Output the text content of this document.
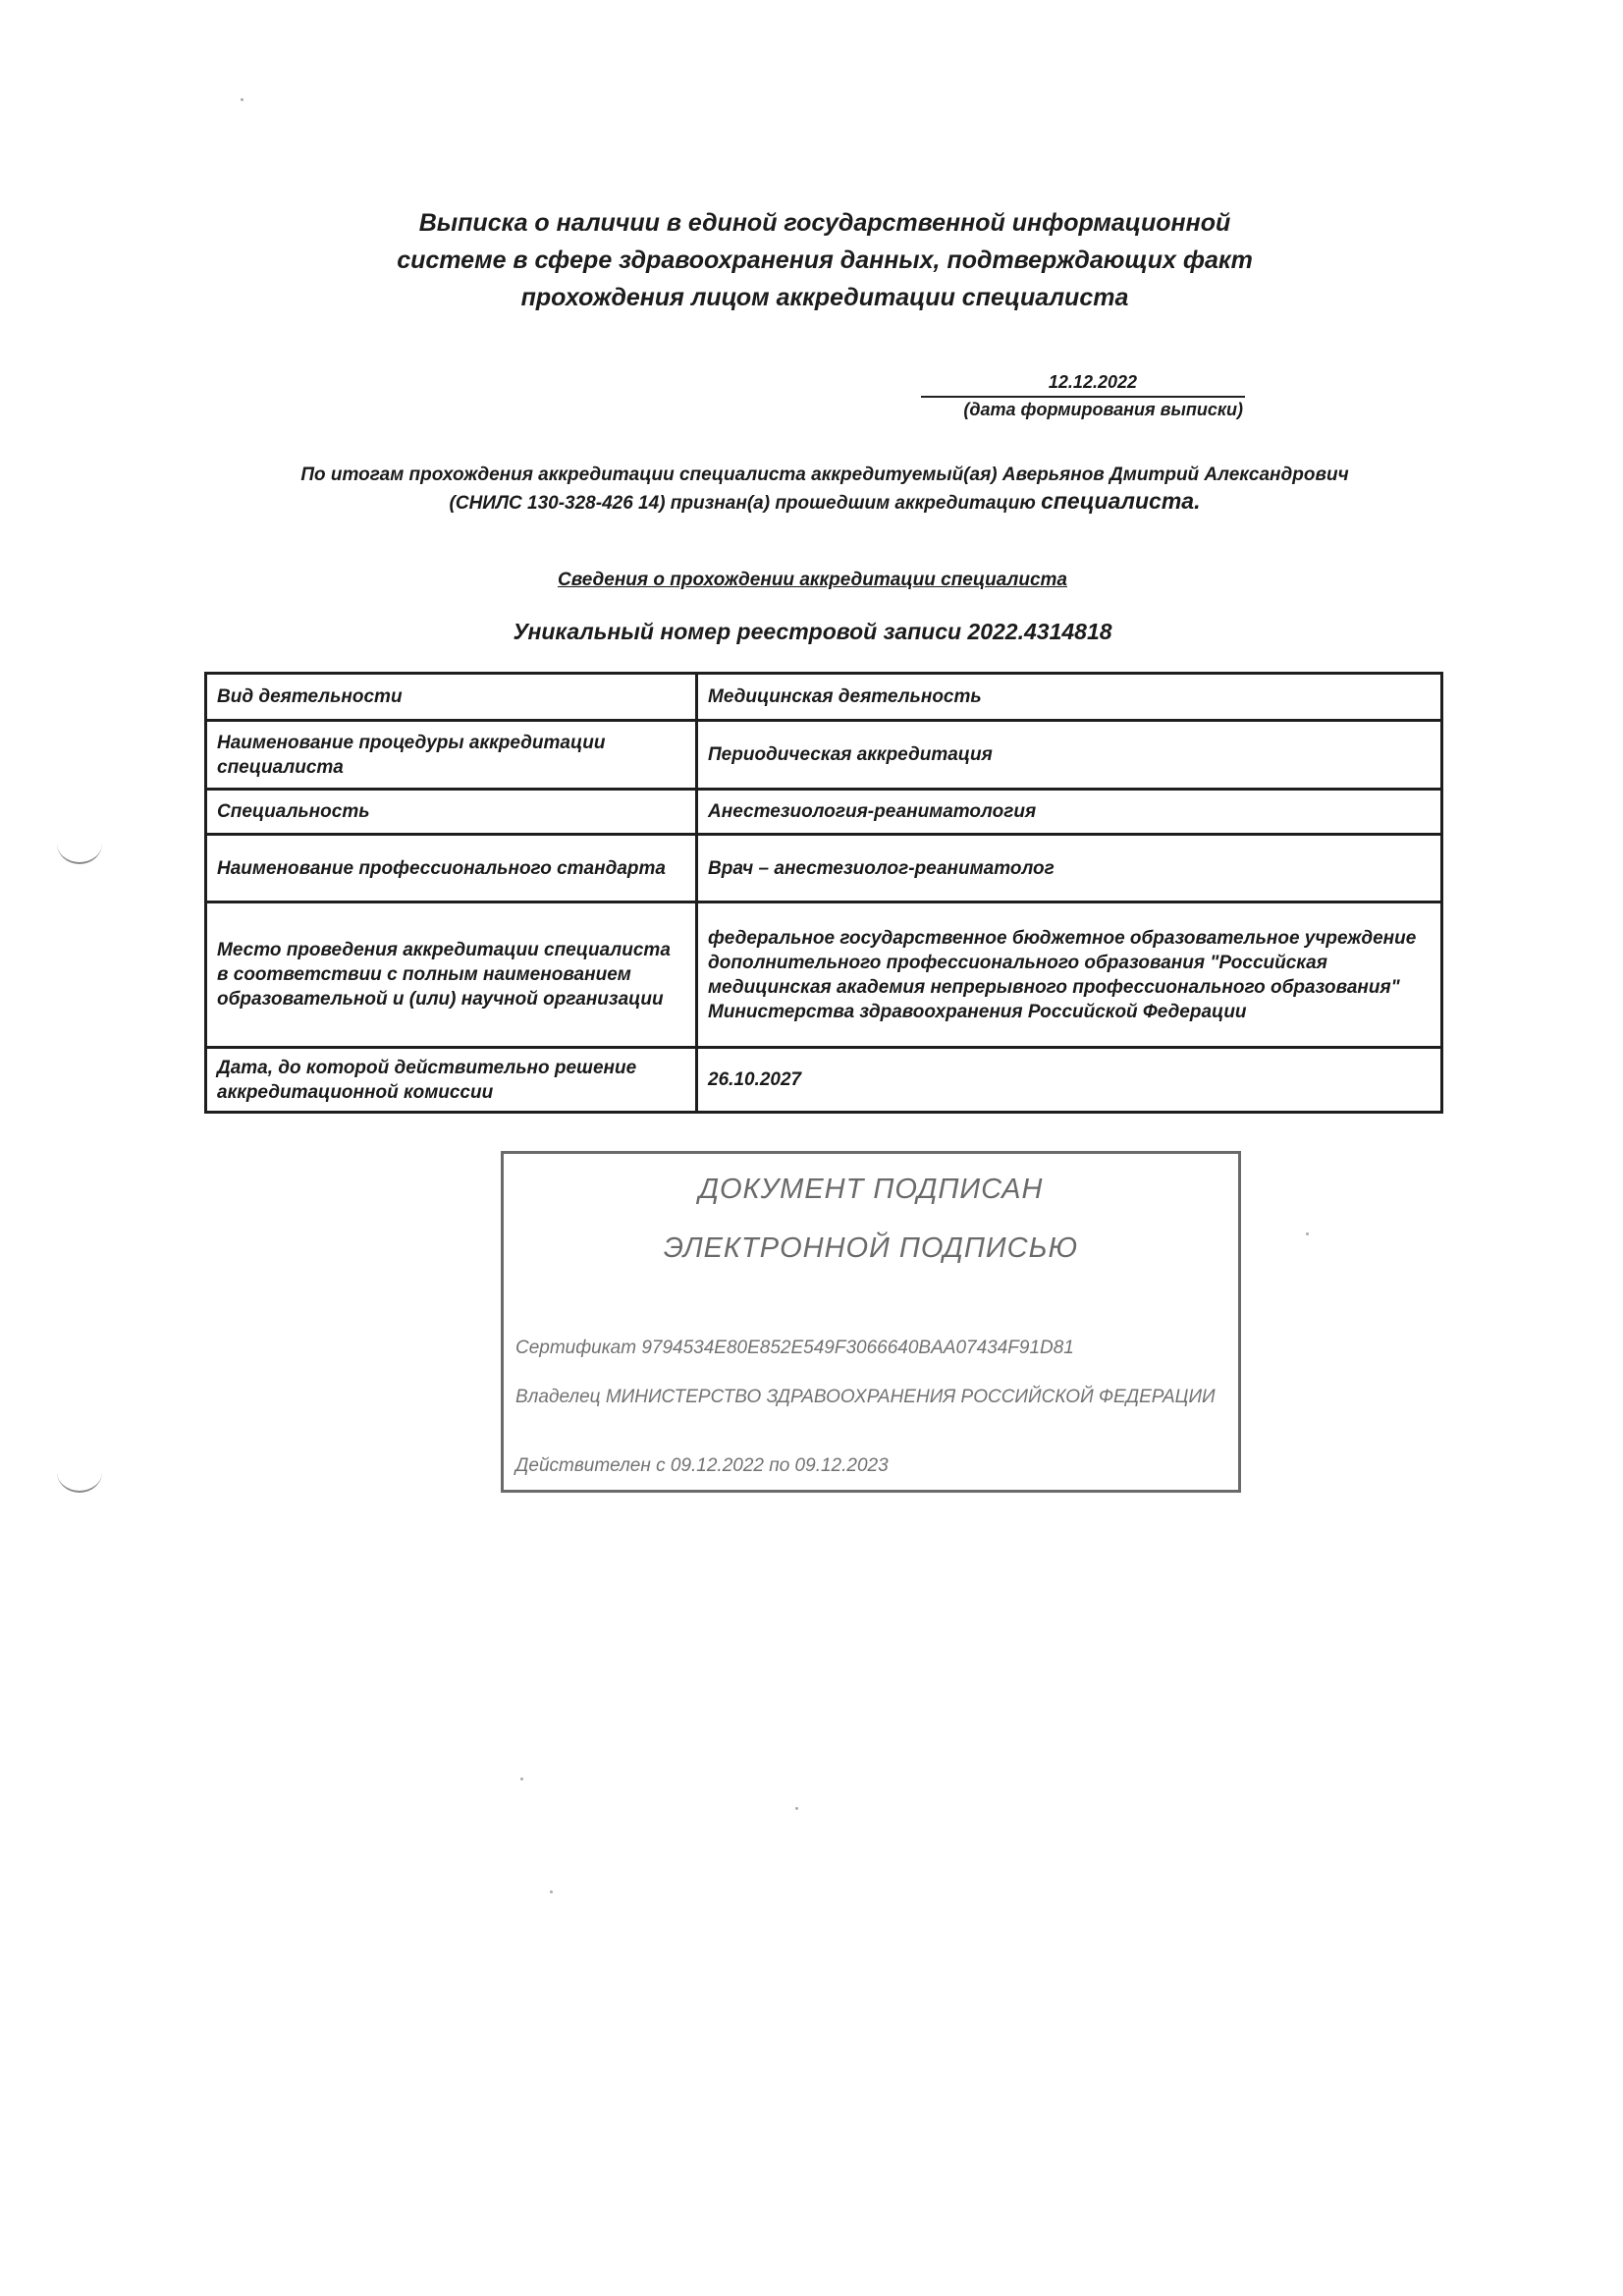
Выписка о наличии в единой государственной информационной
системе в сфере здравоохранения данных, подтверждающих факт
прохождения лицом аккредитации специалиста
12.12.2022
(дата формирования выписки)
По итогам прохождения аккредитации специалиста аккредитуемый(ая) Аверьянов Дмитрий Александрович
(СНИЛС 130-328-426 14) признан(а) прошедшим аккредитацию специалиста.
Сведения о прохождении аккредитации специалиста
Уникальный номер реестровой записи 2022.4314818
Вид деятельности	Медицинская деятельность
Наименование процедуры аккредитации специалиста	Периодическая аккредитация
Специальность	Анестезиология-реаниматология
Наименование профессионального стандарта	Врач – анестезиолог-реаниматолог
Место проведения аккредитации специалиста в соответствии с полным наименованием образовательной и (или) научной организации	федеральное государственное бюджетное образовательное учреждение дополнительного профессионального образования "Российская медицинская академия непрерывного профессионального образования" Министерства здравоохранения Российской Федерации
Дата, до которой действительно решение аккредитационной комиссии	26.10.2027
ДОКУМЕНТ ПОДПИСАН
ЭЛЕКТРОННОЙ ПОДПИСЬЮ
Сертификат 9794534E80E852E549F3066640BAA07434F91D81
Владелец МИНИСТЕРСТВО ЗДРАВООХРАНЕНИЯ РОССИЙСКОЙ ФЕДЕРАЦИИ
Действителен с 09.12.2022 по 09.12.2023
